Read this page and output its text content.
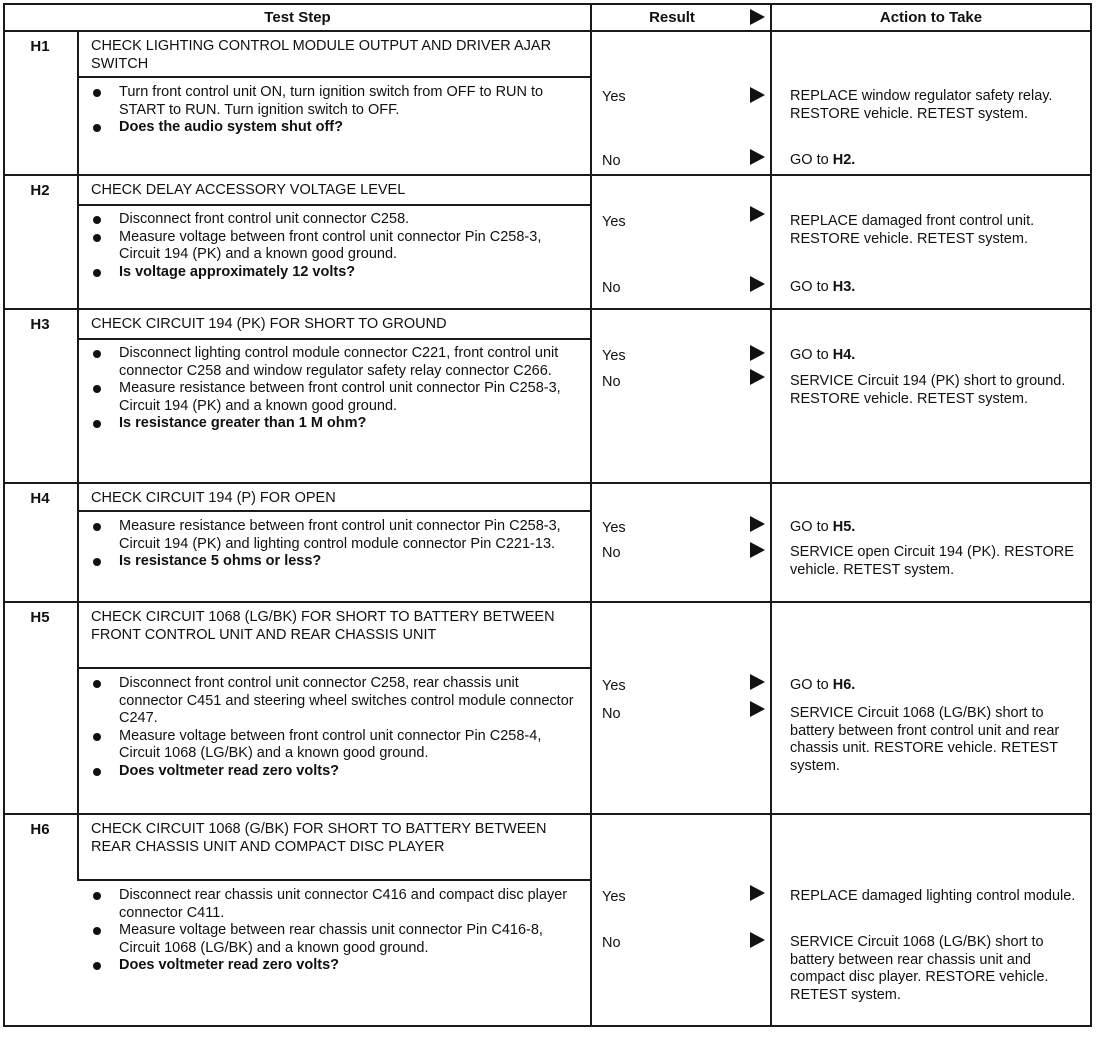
Test Step	Result	Action to Take
H1	CHECK LIGHTING CONTROL MODULE OUTPUT AND DRIVER AJAR SWITCH
Turn front control unit ON, turn ignition switch from OFF to RUN to START to RUN. Turn ignition switch to OFF.
Does the audio system shut off?
Yes	REPLACE window regulator safety relay. RESTORE vehicle. RETEST system.
No	GO to H2.
H2	CHECK DELAY ACCESSORY VOLTAGE LEVEL
Disconnect front control unit connector C258.
Measure voltage between front control unit connector Pin C258-3, Circuit 194 (PK) and a known good ground.
Is voltage approximately 12 volts?
Yes	REPLACE damaged front control unit. RESTORE vehicle. RETEST system.
No	GO to H3.
H3	CHECK CIRCUIT 194 (PK) FOR SHORT TO GROUND
Disconnect lighting control module connector C221, front control unit connector C258 and window regulator safety relay connector C266.
Measure resistance between front control unit connector Pin C258-3, Circuit 194 (PK) and a known good ground.
Is resistance greater than 1 M ohm?
Yes	GO to H4.
No	SERVICE Circuit 194 (PK) short to ground. RESTORE vehicle. RETEST system.
H4	CHECK CIRCUIT 194 (P) FOR OPEN
Measure resistance between front control unit connector Pin C258-3, Circuit 194 (PK) and lighting control module connector Pin C221-13.
Is resistance 5 ohms or less?
Yes	GO to H5.
No	SERVICE open Circuit 194 (PK). RESTORE vehicle. RETEST system.
H5	CHECK CIRCUIT 1068 (LG/BK) FOR SHORT TO BATTERY BETWEEN FRONT CONTROL UNIT AND REAR CHASSIS UNIT
Disconnect front control unit connector C258, rear chassis unit connector C451 and steering wheel switches control module connector C247.
Measure voltage between front control unit connector Pin C258-4, Circuit 1068 (LG/BK) and a known good ground.
Does voltmeter read zero volts?
Yes	GO to H6.
No	SERVICE Circuit 1068 (LG/BK) short to battery between front control unit and rear chassis unit. RESTORE vehicle. RETEST system.
H6	CHECK CIRCUIT 1068 (G/BK) FOR SHORT TO BATTERY BETWEEN REAR CHASSIS UNIT AND COMPACT DISC PLAYER
Disconnect rear chassis unit connector C416 and compact disc player connector C411.
Measure voltage between rear chassis unit connector Pin C416-8, Circuit 1068 (LG/BK) and a known good ground.
Does voltmeter read zero volts?
Yes	REPLACE damaged lighting control module.
No	SERVICE Circuit 1068 (LG/BK) short to battery between rear chassis unit and compact disc player. RESTORE vehicle. RETEST system.
